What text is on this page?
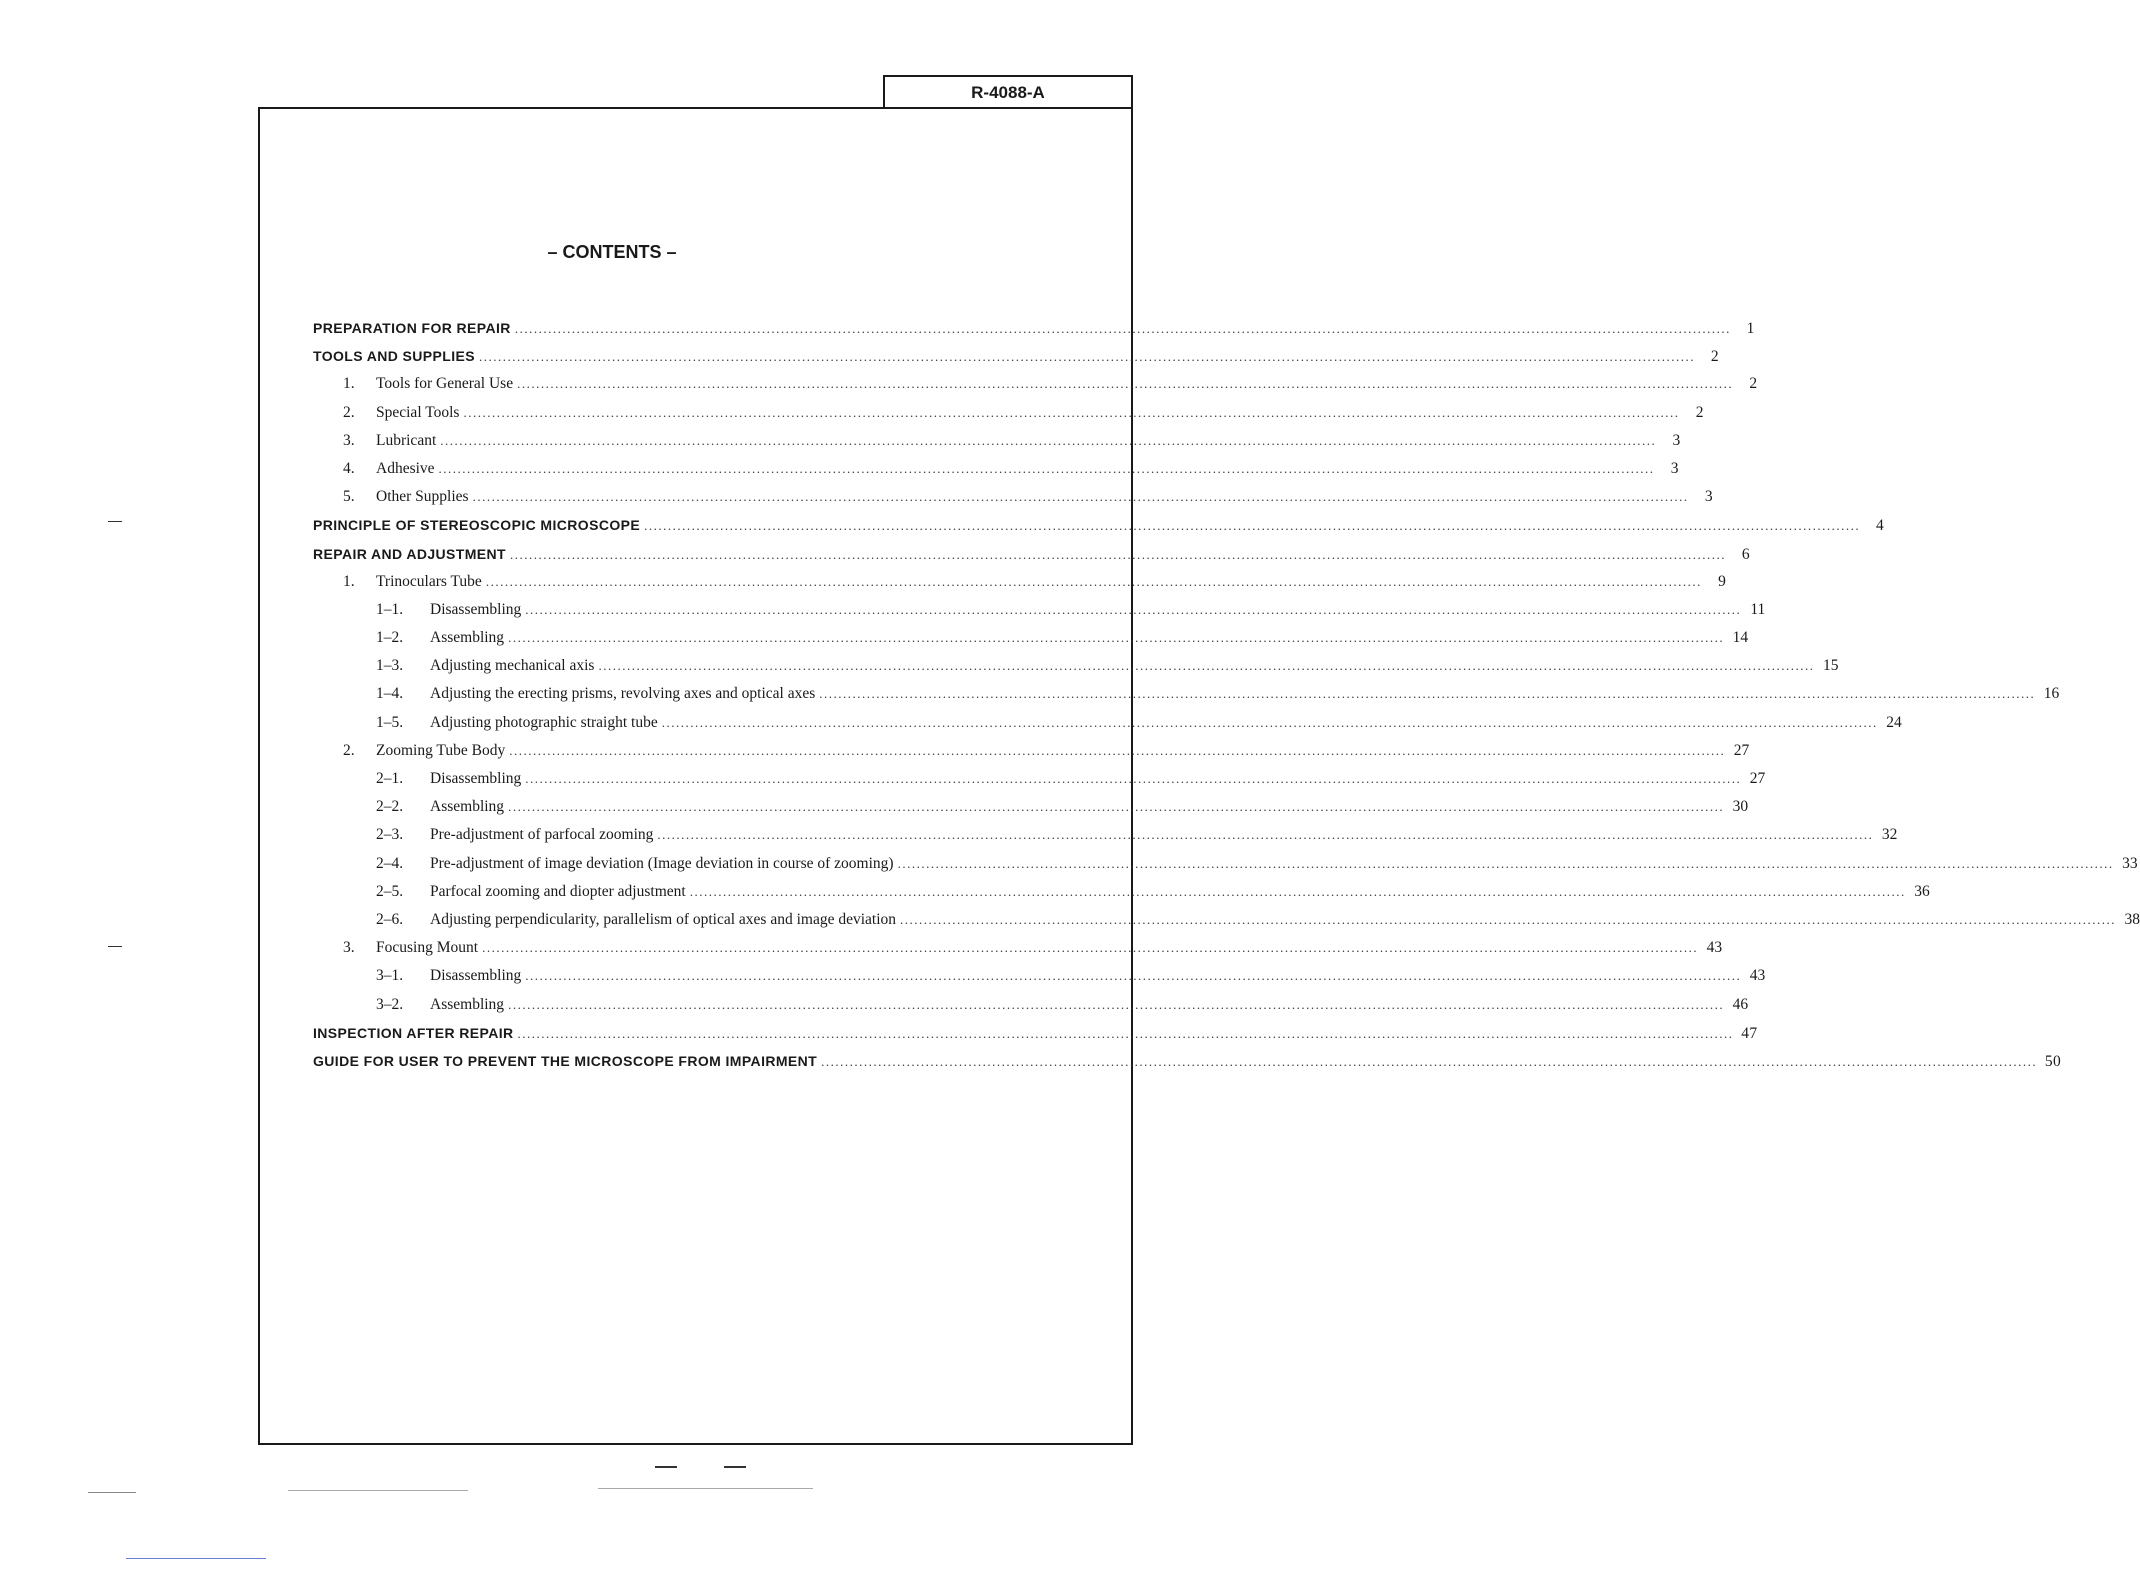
R-4088-A
– CONTENTS –
PREPARATION FOR REPAIR ................................................................................................................................................................................................................................................................	1
TOOLS AND SUPPLIES ................................................................................................................................................................................................................................................................	2
1.	Tools for General Use ................................................................................................................................................................................................................................................................	2
2.	Special Tools ................................................................................................................................................................................................................................................................	2
3.	Lubricant ................................................................................................................................................................................................................................................................	3
4.	Adhesive ................................................................................................................................................................................................................................................................	3
5.	Other Supplies ................................................................................................................................................................................................................................................................	3
PRINCIPLE OF STEREOSCOPIC MICROSCOPE ................................................................................................................................................................................................................................................................	4
REPAIR AND ADJUSTMENT ................................................................................................................................................................................................................................................................	6
1.	Trinoculars Tube ................................................................................................................................................................................................................................................................	9
1–1.	Disassembling ................................................................................................................................................................................................................................................................ 11
1–2.	Assembling ................................................................................................................................................................................................................................................................ 14
1–3.	Adjusting mechanical axis ................................................................................................................................................................................................................................................................ 15
1–4.	Adjusting the erecting prisms, revolving axes and optical axes ................................................................................................................................................................................................................................................................ 16
1–5.	Adjusting photographic straight tube ................................................................................................................................................................................................................................................................ 24
2.	Zooming Tube Body ................................................................................................................................................................................................................................................................ 27
2–1.	Disassembling ................................................................................................................................................................................................................................................................ 27
2–2.	Assembling ................................................................................................................................................................................................................................................................ 30
2–3.	Pre-adjustment of parfocal zooming ................................................................................................................................................................................................................................................................ 32
2–4.	Pre-adjustment of image deviation (Image deviation in course of zooming) ................................................................................................................................................................................................................................................................ 33
2–5.	Parfocal zooming and diopter adjustment ................................................................................................................................................................................................................................................................ 36
2–6.	Adjusting perpendicularity, parallelism of optical axes and image deviation ................................................................................................................................................................................................................................................................ 38
3.	Focusing Mount ................................................................................................................................................................................................................................................................ 43
3–1.	Disassembling ................................................................................................................................................................................................................................................................ 43
3–2.	Assembling ................................................................................................................................................................................................................................................................ 46
INSPECTION AFTER REPAIR ................................................................................................................................................................................................................................................................ 47
GUIDE FOR USER TO PREVENT THE MICROSCOPE FROM IMPAIRMENT ................................................................................................................................................................................................................................................................ 50
